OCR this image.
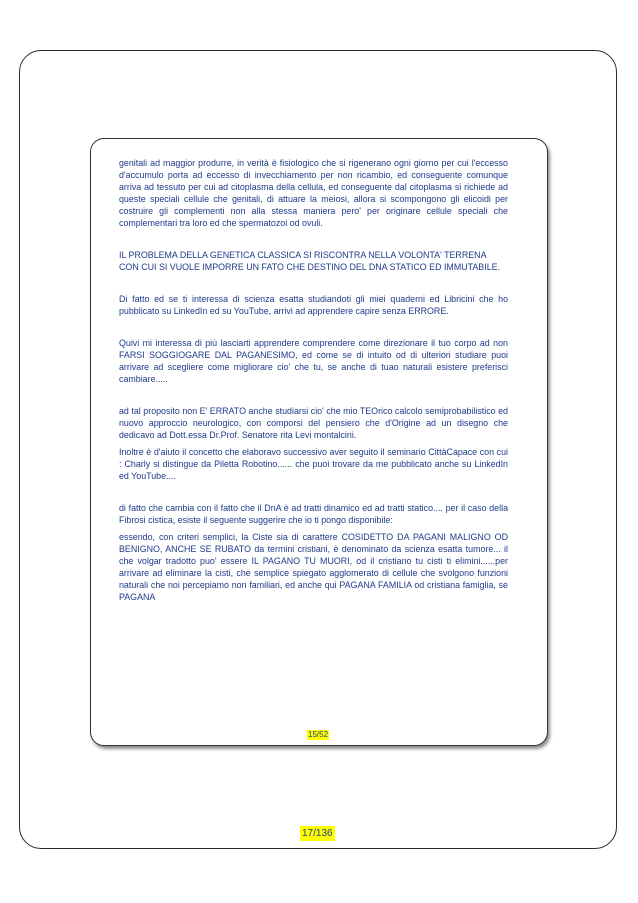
genitali ad maggior produrre, in verità è fisiologico che si rigenerano ogni giorno per cui l'eccesso d'accumulo porta ad eccesso di invecchiamento per non ricambio, ed conseguente comunque arriva ad tessuto per cui ad citoplasma della cellula, ed conseguente dal citoplasma si richiede ad queste speciali cellule che genitali, di attuare la meiosi, allora si scompongono gli elicoidi per costruire gli complementi non alla stessa maniera pero' per originare cellule speciali che complementari tra loro ed che spermatozoi od ovuli.

IL PROBLEMA DELLA GENETICA CLASSICA SI RISCONTRA NELLA VOLONTA' TERRENA CON CUI SI VUOLE IMPORRE UN FATO CHE DESTINO DEL DNA STATICO ED IMMUTABILE.

Di fatto ed se ti interessa di scienza esatta studiandoti gli miei quaderni ed Libricini che ho pubblicato su LinkedIn ed su YouTube, arrivi ad apprendere capire senza ERRORE.

Quivi mi interessa di più lasciarti apprendere comprendere come direzionare il tuo corpo ad non FARSI SOGGIOGARE DAL PAGANESIMO, ed come se di intuito od di ulteriori studiare puoi arrivare ad scegliere come migliorare cio' che tu, se anche di tuao naturali esistere preferisci cambiare.....

ad tal proposito non E' ERRATO anche studiarsi cio' che mio TEOrico calcolo semiprobabilistico ed nuovo approccio neurologico, con comporsi del pensiero che d'Origine ad un disegno che dedicavo ad Dott.essa Dr.Prof. Senatore rita Levi montalcini.

Inoltre è d'aiuto il concetto che elaboravo successivo aver seguito il seminario CittàCapace con cui : Charly si distingue da Piletta Robotino...... che puoi trovare da me pubblicato anche su LinkedIn ed YouTube....

di fatto che cambia con il fatto che il DnA è ad tratti dinamico ed ad tratti statico.... per il caso della Fibrosi cistica, esiste il seguente suggerire che io ti pongo disponibile:

essendo, con criteri semplici, la Ciste sia di carattere COSIDETTO DA PAGANI MALIGNO OD BENIGNO, ANCHE SE RUBATO da termini cristiani, è denominato da scienza esatta tumore... il che volgar tradotto puo' essere IL PAGANO TU MUORI, od il cristiano tu cisti ti elimini......per arrivare ad eliminare la cisti, che semplice spiegato agglomerato di cellule che svolgono funzioni naturali che noi percepiamo non familiari, ed anche qui PAGANA FAMILIA od cristiana famiglia, se PAGANA

15/52
17/136
